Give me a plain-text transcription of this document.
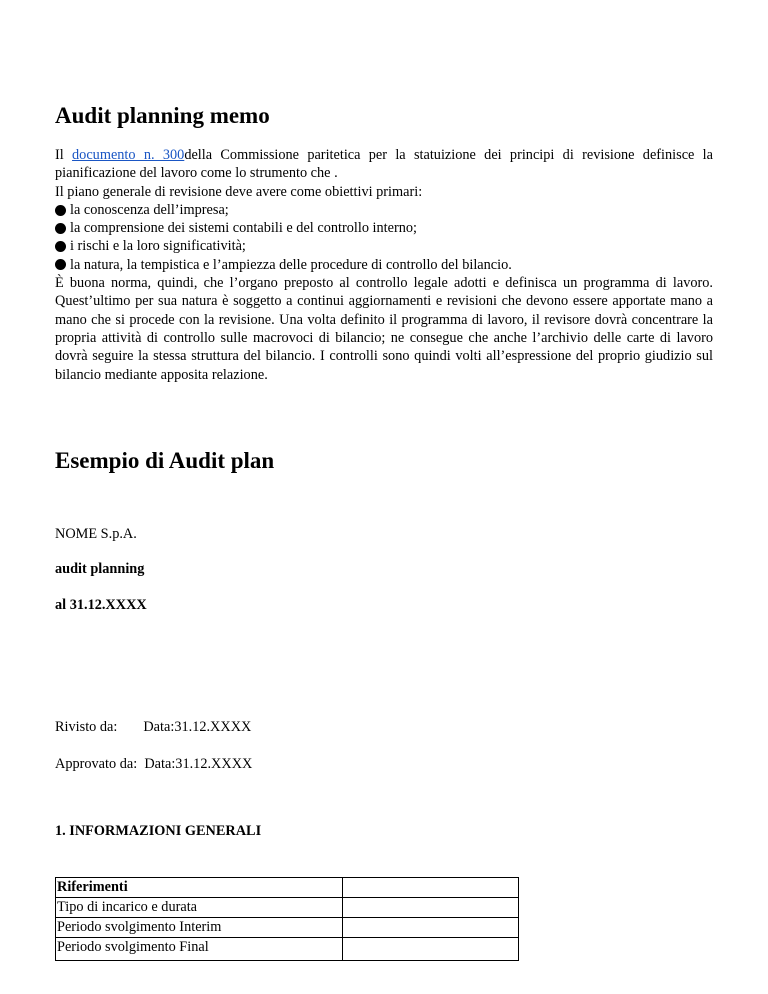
Audit planning memo

Il documento n. 300della Commissione paritetica per la statuizione dei principi di revisione definisce la pianificazione del lavoro come lo strumento che .

Il piano generale di revisione deve avere come obiettivi primari:

la conoscenza dell’impresa;
la comprensione dei sistemi contabili e del controllo interno;
i rischi e la loro significatività;
la natura, la tempistica e l’ampiezza delle procedure di controllo del bilancio.

È buona norma, quindi, che l’organo preposto al controllo legale adotti e definisca un programma di lavoro. Quest’ultimo per sua natura è soggetto a continui aggiornamenti e revisioni che devono essere apportate mano a mano che si procede con la revisione. Una volta definito il programma di lavoro, il revisore dovrà concentrare la propria attività di controllo sulle macrovoci di bilancio; ne consegue che anche l’archivio delle carte di lavoro dovrà seguire la stessa struttura del bilancio. I controlli sono quindi volti all’espressione del proprio giudizio sul bilancio mediante apposita relazione.

Esempio di Audit plan
NOME S.p.A.
audit planning
al 31.12.XXXX
Rivisto da: Data:31.12.XXXX
Approvato da: Data:31.12.XXXX
1. INFORMAZIONI GENERALI
Riferimenti	
Tipo di incarico e durata	
Periodo svolgimento Interim	
Periodo svolgimento Final	
